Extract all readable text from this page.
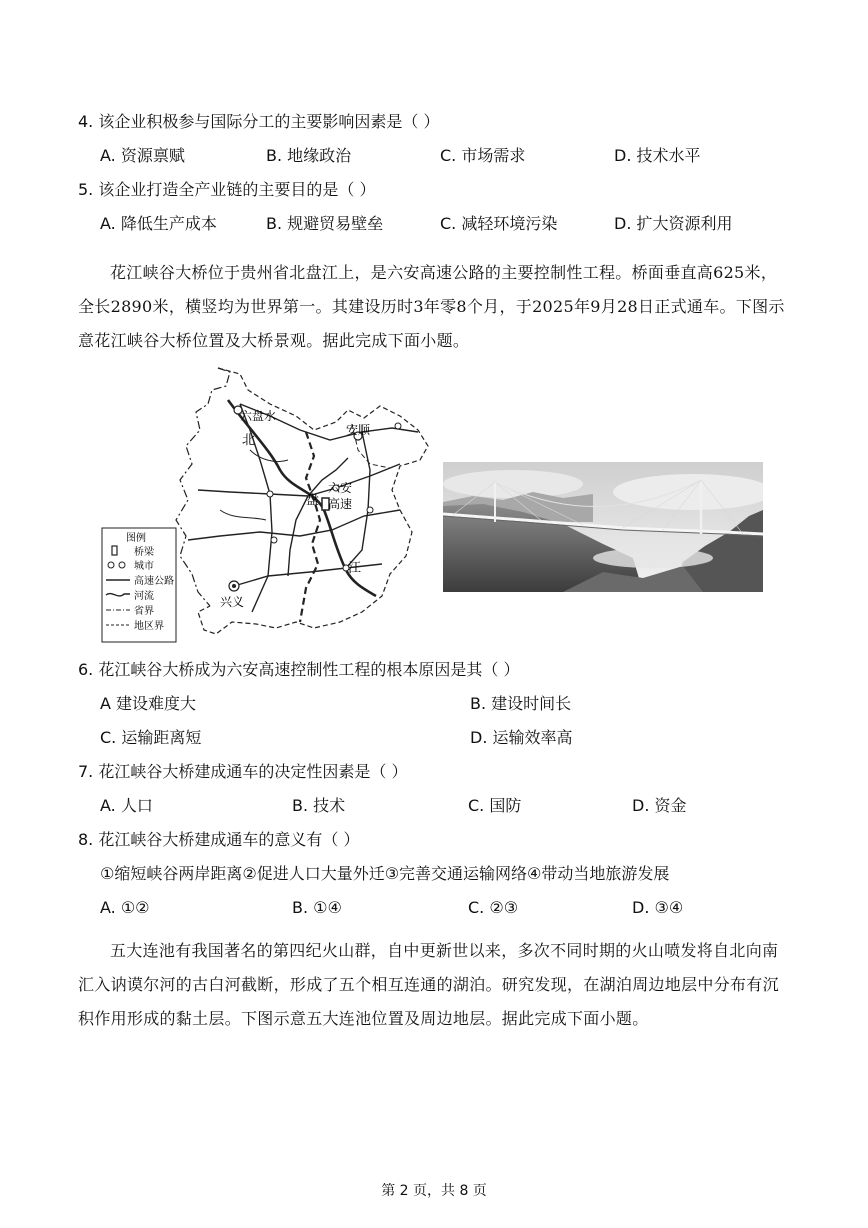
4. 该企业积极参与国际分工的主要影响因素是（ ）
A. 资源禀赋	B. 地缘政治	C. 市场需求	D. 技术水平
5. 该企业打造全产业链的主要目的是（ ）
A. 降低生产成本	B. 规避贸易壁垒	C. 减轻环境污染	D. 扩大资源利用
花江峡谷大桥位于贵州省北盘江上，是六安高速公路的主要控制性工程。桥面垂直高625米，全长2890米，横竖均为世界第一。其建设历时3年零8个月，于2025年9月28日正式通车。下图示意花江峡谷大桥位置及大桥景观。据此完成下面小题。
六盘水
安顺
兴义
北
盘
江
六安
高速
图例
桥梁
城市
高速公路
河流
省界
地区界
6. 花江峡谷大桥成为六安高速控制性工程的根本原因是其（ ）
A 建设难度大	B. 建设时间长
C. 运输距离短	D. 运输效率高
7. 花江峡谷大桥建成通车的决定性因素是（ ）
A. 人口	B. 技术	C. 国防	D. 资金
8. 花江峡谷大桥建成通车的意义有（ ）
①缩短峡谷两岸距离②促进人口大量外迁③完善交通运输网络④带动当地旅游发展
A. ①②	B. ①④	C. ②③	D. ③④
五大连池有我国著名的第四纪火山群，自中更新世以来，多次不同时期的火山喷发将自北向南汇入讷谟尔河的古白河截断，形成了五个相互连通的湖泊。研究发现，在湖泊周边地层中分布有沉积作用形成的黏土层。下图示意五大连池位置及周边地层。据此完成下面小题。
第 2 页，共 8 页
